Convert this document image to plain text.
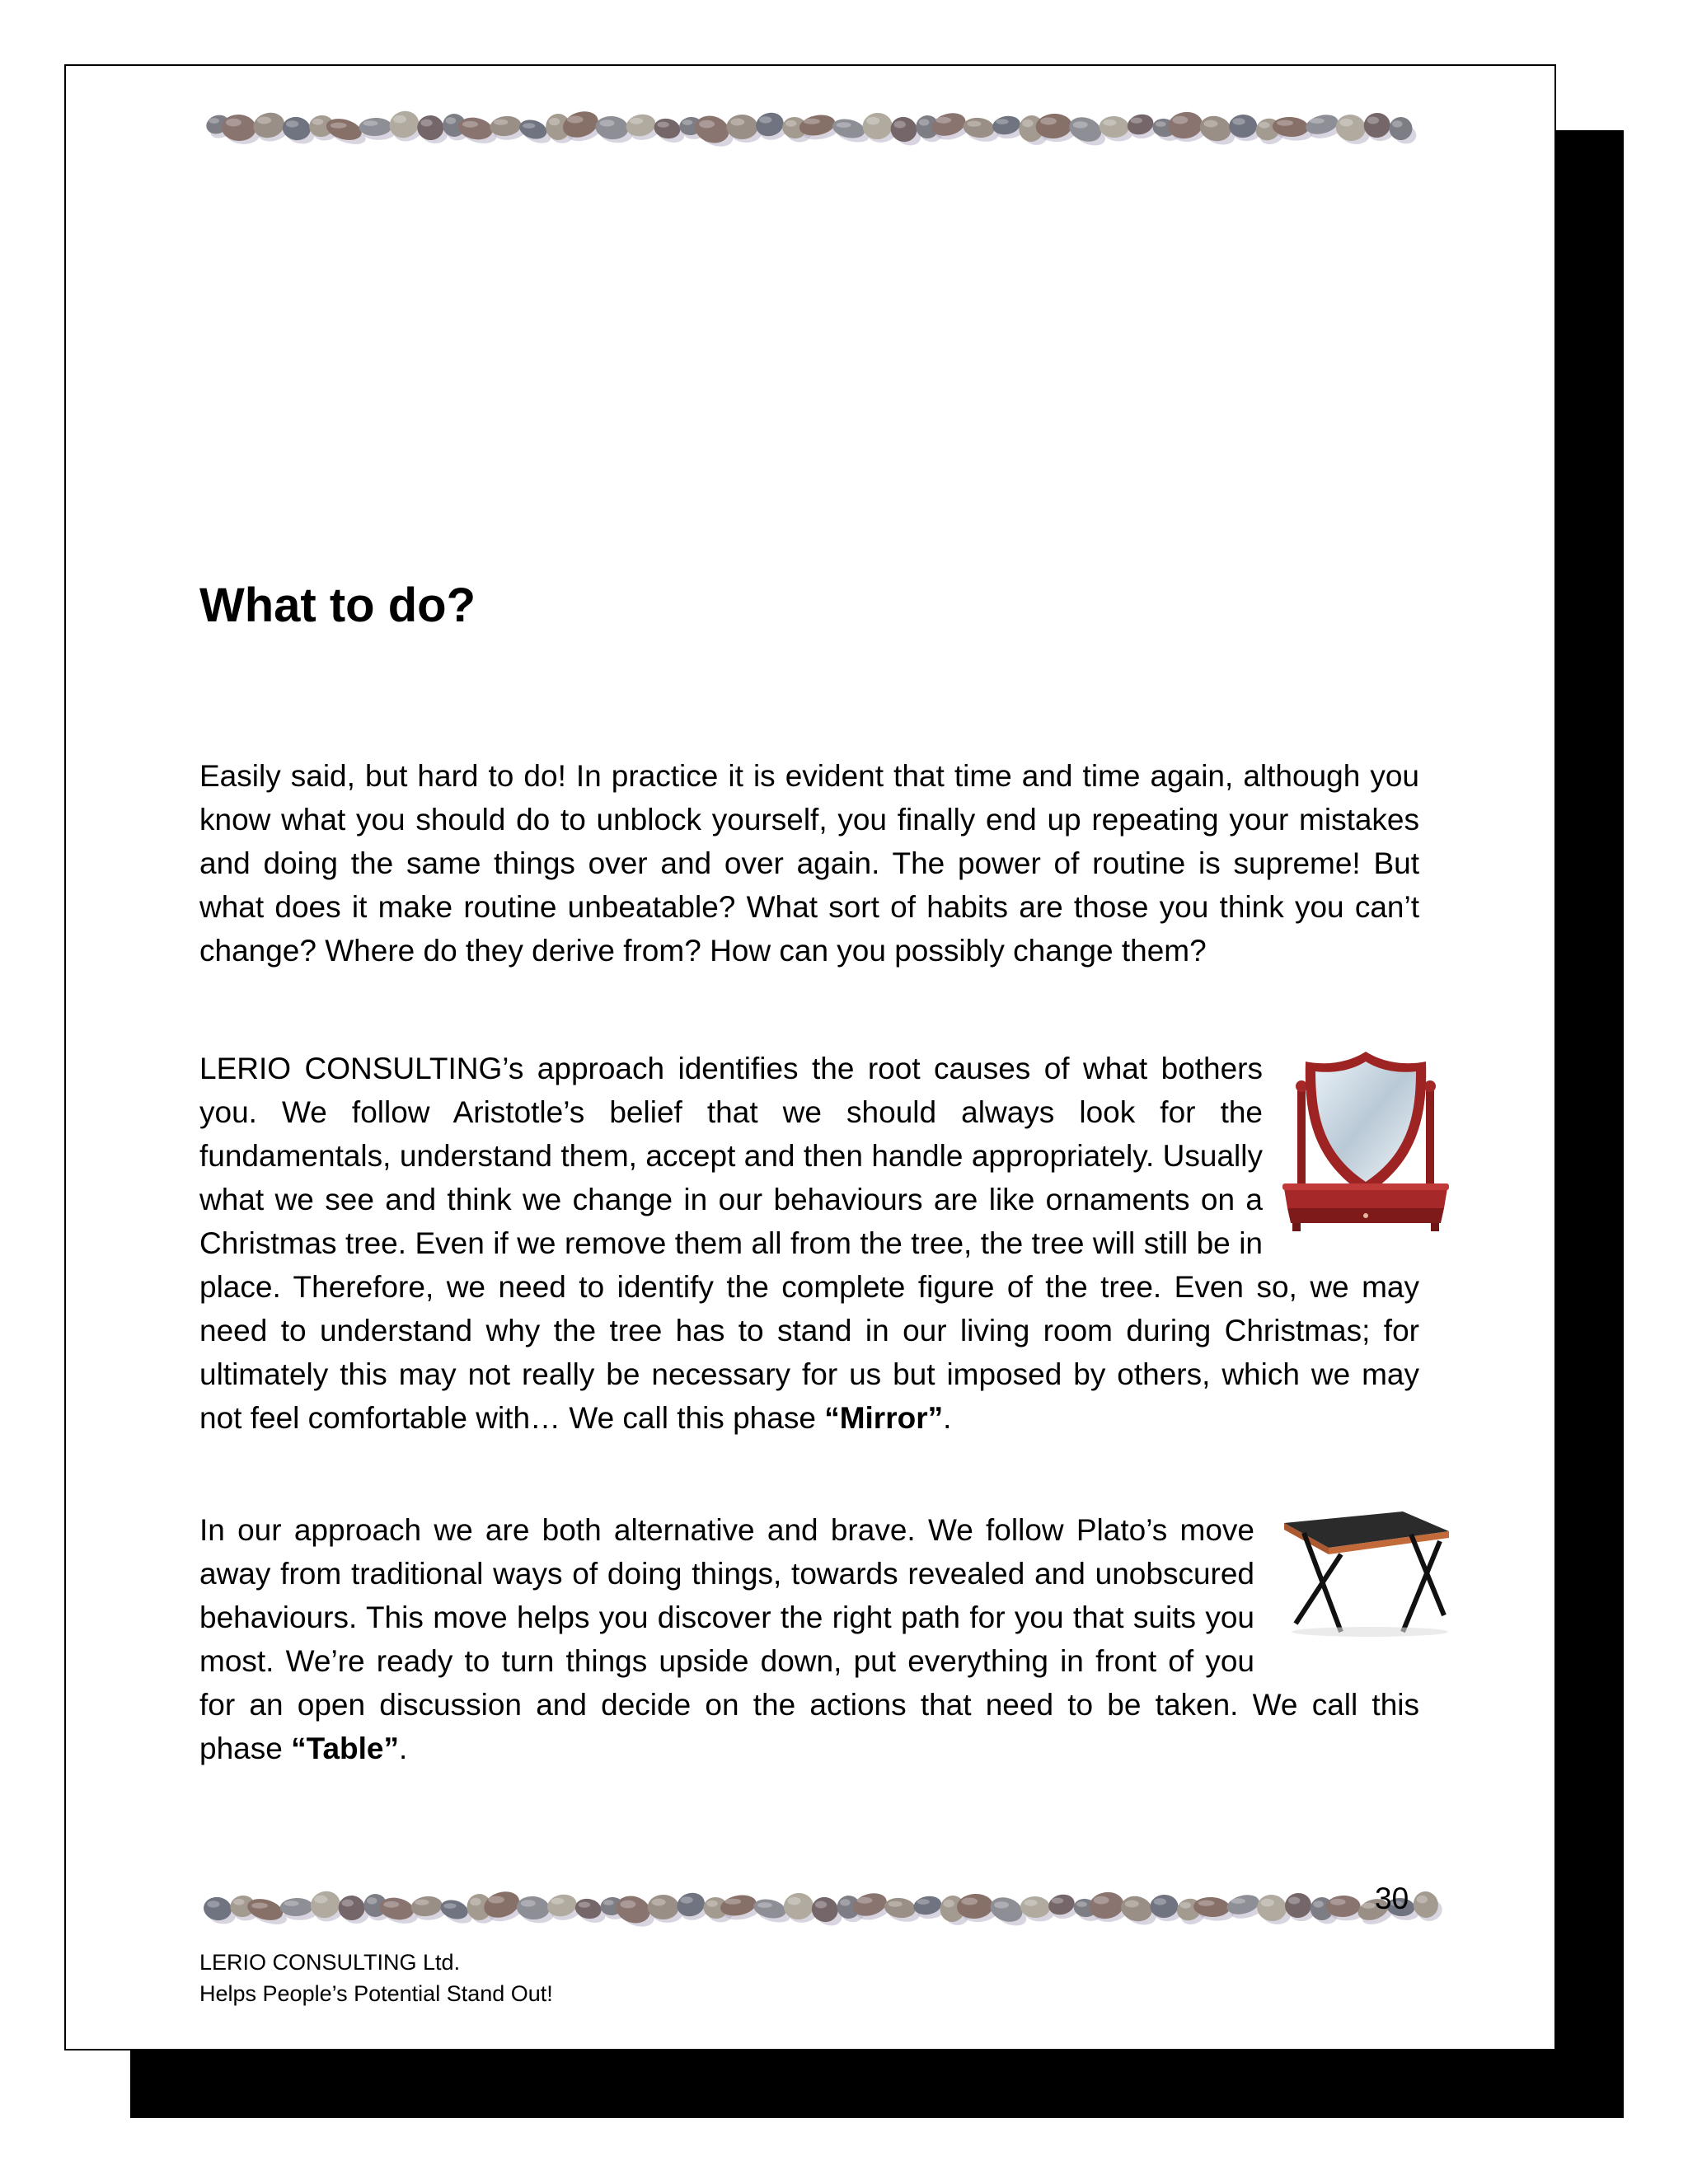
What to do?

Easily said, but hard to do! In practice it is evident that time and time again, although you know what you should do to unblock yourself, you finally end up repeating your mistakes and doing the same things over and over again. The power of routine is supreme! But what does it make routine unbeatable? What sort of habits are those you think you can’t change? Where do they derive from? How can you possibly change them?

LERIO CONSULTING’s approach identifies the root causes of what bothers you. We follow Aristotle’s belief that we should always look for the fundamentals, understand them, accept and then handle appropriately. Usually what we see and think we change in our behaviours are like ornaments on a Christmas tree. Even if we remove them all from the tree, the tree will still be in place. Therefore, we need to identify the complete figure of the tree. Even so, we may need to understand why the tree has to stand in our living room during Christmas; for ultimately this may not really be necessary for us but imposed by others, which we may not feel comfortable with… We call this phase “Mirror”.

In our approach we are both alternative and brave. We follow Plato’s move away from traditional ways of doing things, towards revealed and unobscured behaviours. This move helps you discover the right path for you that suits you most. We’re ready to turn things upside down, put everything in front of you for an open discussion and decide on the actions that need to be taken. We call this phase “Table”.

30
LERIO CONSULTING Ltd.
Helps People’s Potential Stand Out!
